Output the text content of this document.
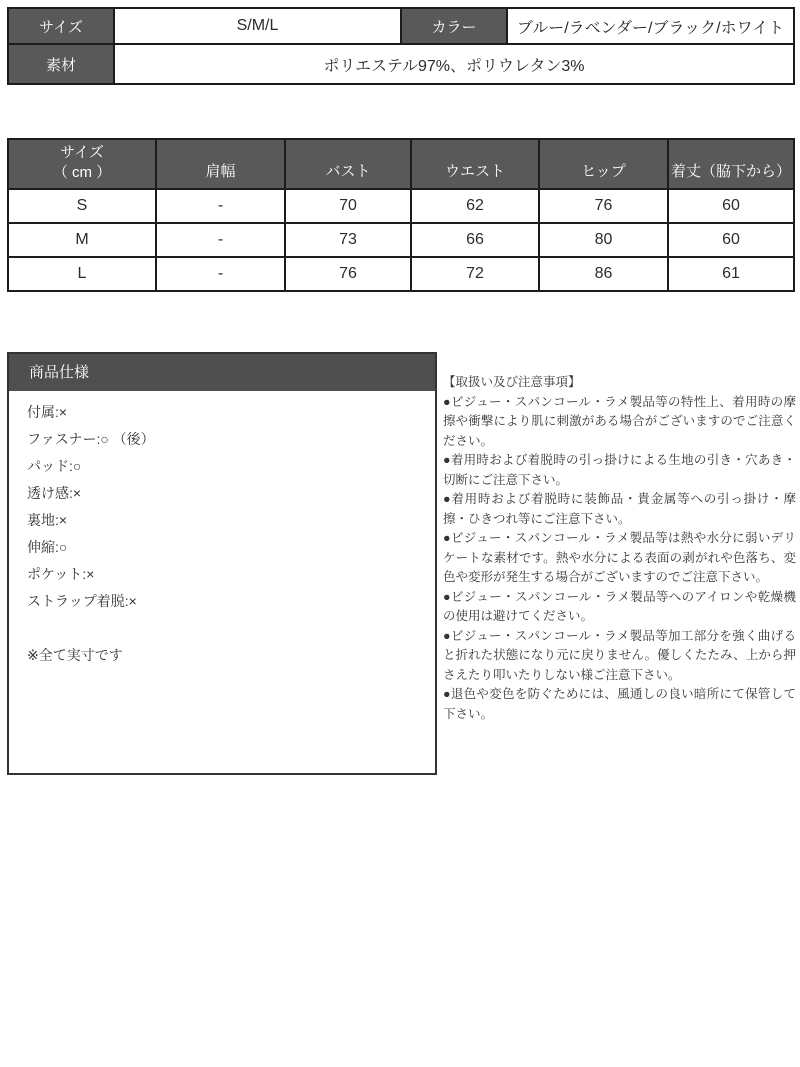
サイズ	S/M/L	カラー	ブルー/ラベンダー/ブラック/ホワイト
素材	ポリエステル97%、ポリウレタン3%		
サイズ
（ cm ）	肩幅	バスト	ウエスト	ヒップ	着丈（脇下から）
S	-	70	62	76	60
M	-	73	66	80	60
L	-	76	72	86	61
商品仕様
付属:×
ファスナー:○ （後）
パッド:○
透け感:×
裏地:×
伸縮:○
ポケット:×
ストラップ着脱:×
※全て実寸です

【取扱い及び注意事項】

●ビジュー・スパンコール・ラメ製品等の特性上、着用時の摩擦や衝撃により肌に刺激がある場合がございますのでご注意ください。

●着用時および着脱時の引っ掛けによる生地の引き・穴あき・切断にご注意下さい。

●着用時および着脱時に装飾品・貴金属等への引っ掛け・摩擦・ひきつれ等にご注意下さい。

●ビジュー・スパンコール・ラメ製品等は熱や水分に弱いデリケートな素材です。熱や水分による表面の剥がれや色落ち、変色や変形が発生する場合がございますのでご注意下さい。

●ビジュー・スパンコール・ラメ製品等へのアイロンや乾燥機の使用は避けてください。

●ビジュー・スパンコール・ラメ製品等加工部分を強く曲げると折れた状態になり元に戻りません。優しくたたみ、上から押さえたり叩いたりしない様ご注意下さい。

●退色や変色を防ぐためには、風通しの良い暗所にて保管して下さい。
